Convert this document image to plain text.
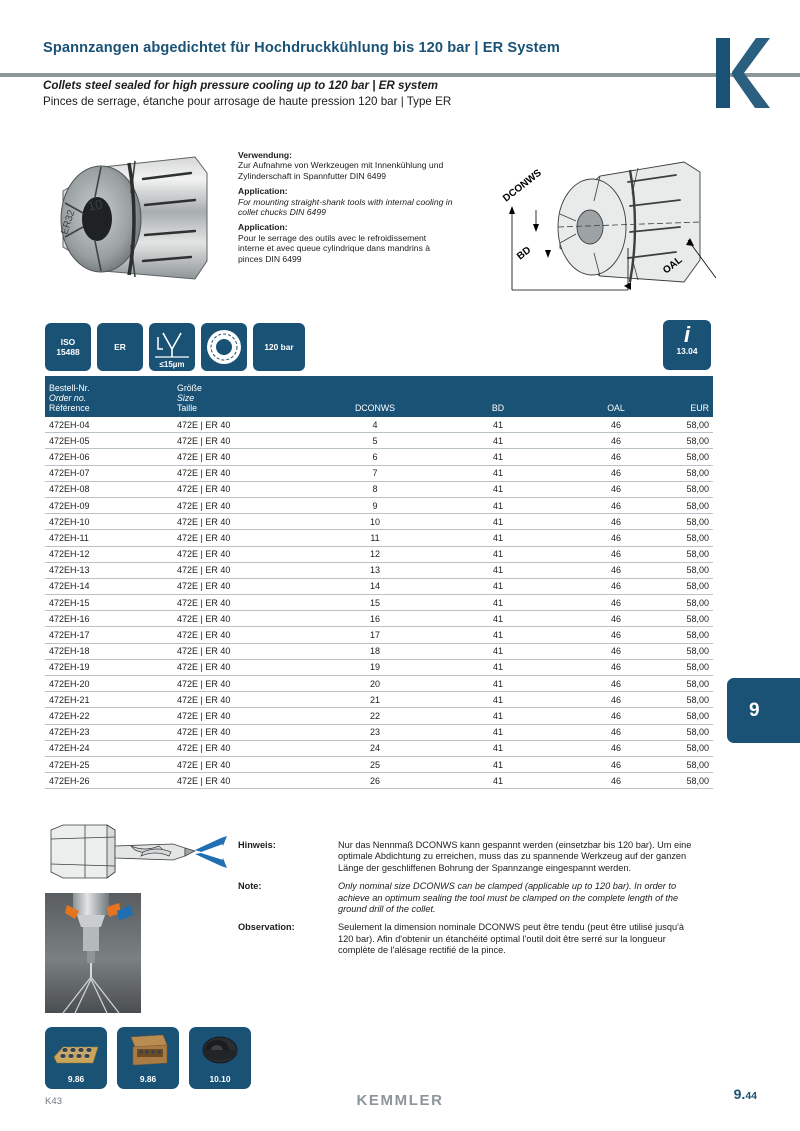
Spannzangen abgedichtet für Hochdruckkühlung bis 120 bar | ER System
Collets steel sealed for high pressure cooling up to 120 bar | ER system
Pinces de serrage, étanche pour arrosage de haute pression 120 bar | Type ER
10
ER32

Verwendung:
Zur Aufnahme von Werkzeugen mit Innenkühlung und Zylinderschaft in Spannfutter DIN 6499

Application:
For mounting straight-shank tools with internal cooling in collet chucks DIN 6499

Application:
Pour le serrage des outils avec le refroidissement interne et avec queue cylindrique dans mandrins à pinces DIN 6499

DCONWS
BD
OAL
ISO
15488	ER
≤15µm
120 bar	i
13.04
Bestell-Nr.
Order no.
Référence	Größe
Size
Taille	DCONWS	BD	OAL	EUR
472EH-04	472E | ER 40	4	41	46	58,00
472EH-05	472E | ER 40	5	41	46	58,00
472EH-06	472E | ER 40	6	41	46	58,00
472EH-07	472E | ER 40	7	41	46	58,00
472EH-08	472E | ER 40	8	41	46	58,00
472EH-09	472E | ER 40	9	41	46	58,00
472EH-10	472E | ER 40	10	41	46	58,00
472EH-11	472E | ER 40	11	41	46	58,00
472EH-12	472E | ER 40	12	41	46	58,00
472EH-13	472E | ER 40	13	41	46	58,00
472EH-14	472E | ER 40	14	41	46	58,00
472EH-15	472E | ER 40	15	41	46	58,00
472EH-16	472E | ER 40	16	41	46	58,00
472EH-17	472E | ER 40	17	41	46	58,00
472EH-18	472E | ER 40	18	41	46	58,00
472EH-19	472E | ER 40	19	41	46	58,00
472EH-20	472E | ER 40	20	41	46	58,00
472EH-21	472E | ER 40	21	41	46	58,00
472EH-22	472E | ER 40	22	41	46	58,00
472EH-23	472E | ER 40	23	41	46	58,00
472EH-24	472E | ER 40	24	41	46	58,00
472EH-25	472E | ER 40	25	41	46	58,00
472EH-26	472E | ER 40	26	41	46	58,00
9
Hinweis:	Nur das Nennmaß DCONWS kann gespannt werden (einsetzbar bis 120 bar). Um eine optimale Abdichtung zu erreichen, muss das zu spannende Werkzeug auf der ganzen Länge der geschliffenen Bohrung der Spannzange eingespannt werden.
Note:	Only nominal size DCONWS can be clamped (applicable up to 120 bar). In order to achieve an optimum sealing the tool must be clamped on the complete length of the ground drill of the collet.
Observation:	Seulement la dimension nominale DCONWS peut être tendu (peut être utilisé jusqu'à 120 bar). Afin d'obtenir un étanchéité optimal l'outil doit être serré sur la longueur complète de l'alésage rectifié de la pince.
9.86	9.86	10.10
K43	KEMMLER	9.44
